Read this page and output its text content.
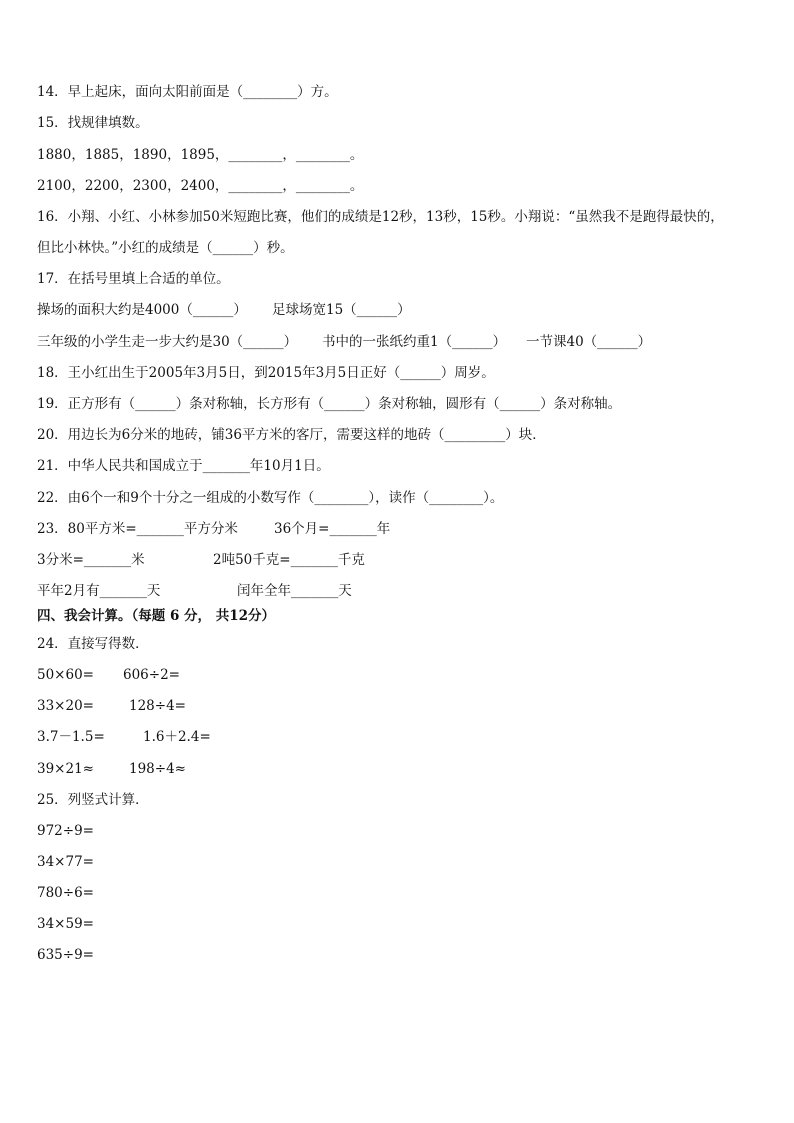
14．早上起床，面向太阳前面是（________）方。
15．找规律填数。
1880，1885，1890，1895，________，________。
2100，2200，2300，2400，________，________。
16．小翔、小红、小林参加50米短跑比赛，他们的成绩是12秒，13秒，15秒。小翔说：“虽然我不是跑得最快的，
但比小林快。”小红的成绩是（______）秒。
17．在括号里填上合适的单位。
操场的面积大约是4000（______） 足球场宽15（______）
三年级的小学生走一步大约是30（______） 书中的一张纸约重1（______） 一节课40（______）
18．王小红出生于2005年3月5日，到2015年3月5日正好（______）周岁。
19．正方形有（______）条对称轴，长方形有（______）条对称轴，圆形有（______）条对称轴。
20．用边长为6分米的地砖，铺36平方米的客厅，需要这样的地砖（_________）块．
21．中华人民共和国成立于_______年10月1日。
22．由6个一和9个十分之一组成的小数写作（________），读作（________）。
23．80平方米=_______平方分米	36个月=_______年
3分米=_______米	2吨50千克=_______千克
平年2月有_______天	闰年全年_______天
四、我会计算。（每题 6 分， 共12分）
24．直接写得数．
50×60= 606÷2=
33×20=	128÷4=
3.7－1.5=	1.6＋2.4=
39×21≈	198÷4≈
25．列竖式计算．
972÷9=
34×77=
780÷6=
34×59=
635÷9=
